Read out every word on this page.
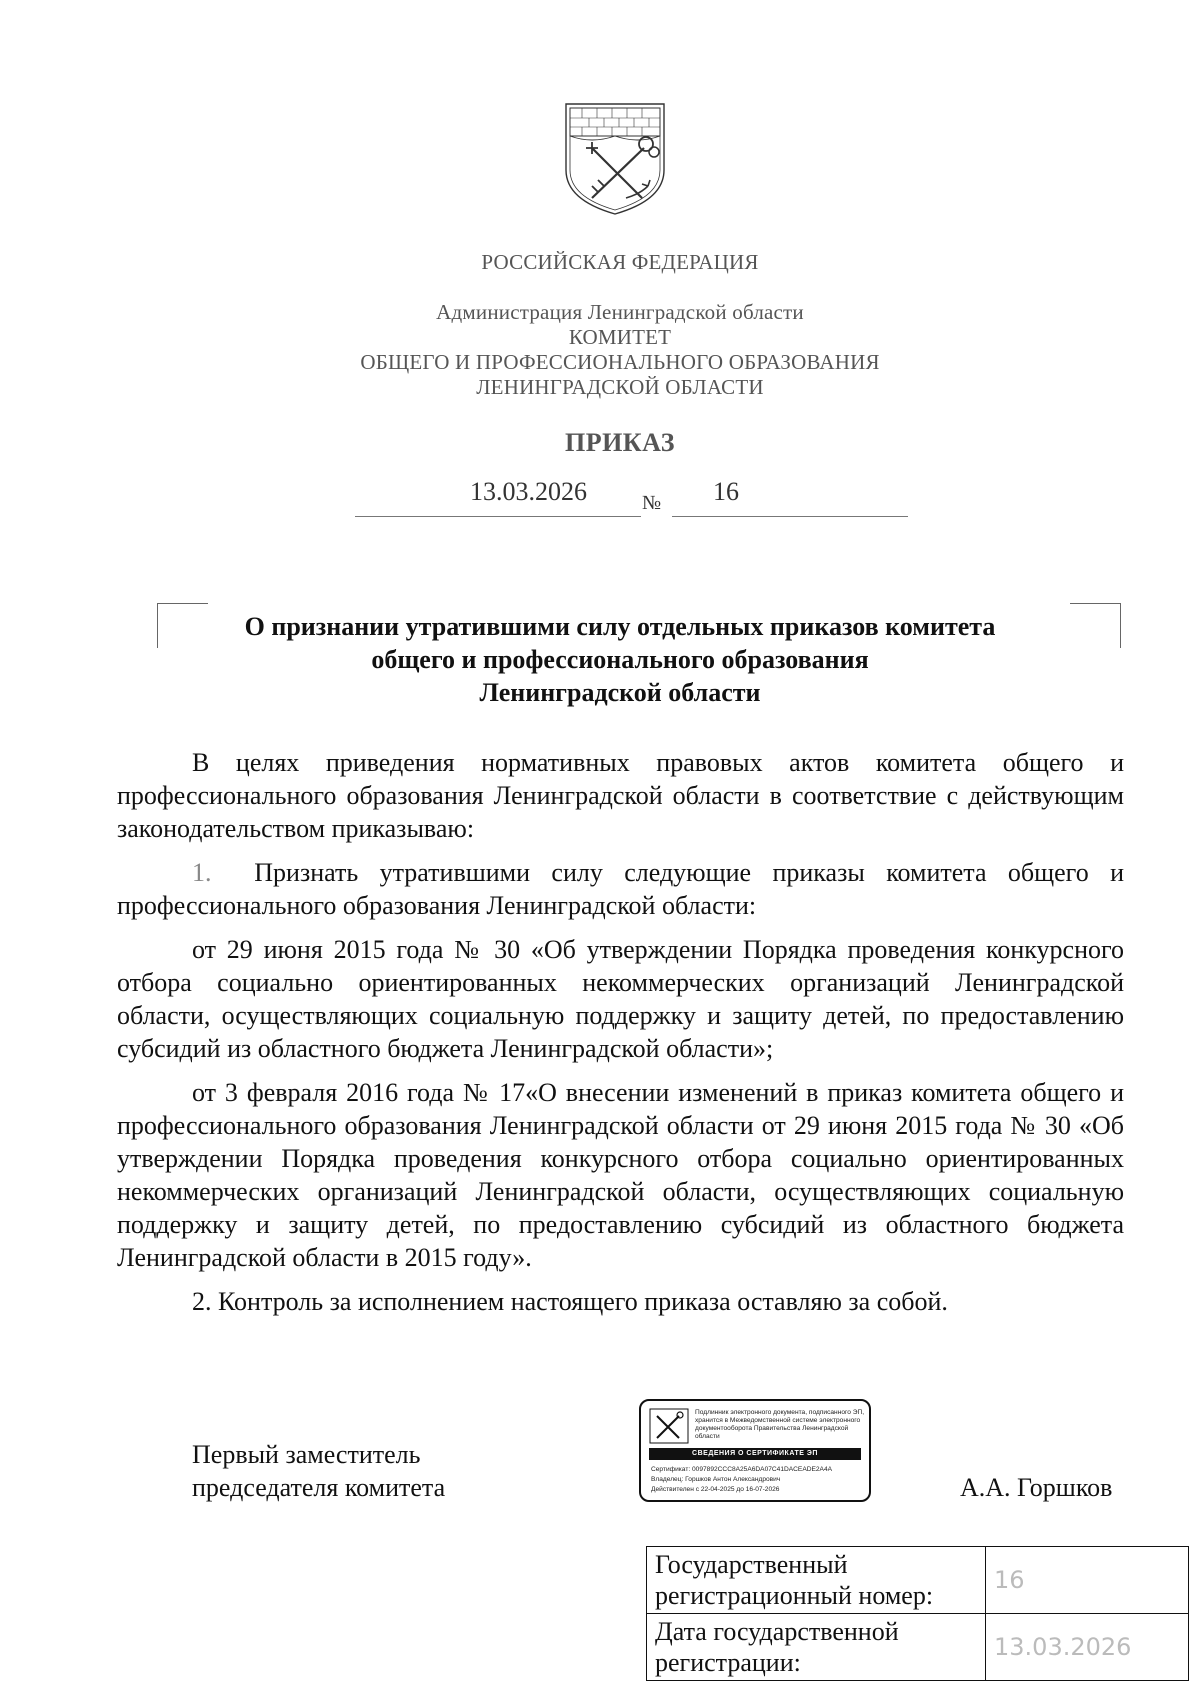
РОССИЙСКАЯ ФЕДЕРАЦИЯ
Администрация Ленинградской области
КОМИТЕТ
ОБЩЕГО И ПРОФЕССИОНАЛЬНОГО ОБРАЗОВАНИЯ
ЛЕНИНГРАДСКОЙ ОБЛАСТИ
ПРИКАЗ
13.03.2026	№ 16
О признании утратившими силу отдельных приказов комитета
общего и профессионального образования
Ленинградской области

В целях приведения нормативных правовых актов комитета общего и профессионального образования Ленинградской области в соответствие с действующим законодательством приказываю:

1. Признать утратившими силу следующие приказы комитета общего и профессионального образования Ленинградской области:

от 29 июня 2015 года № 30 «Об утверждении Порядка проведения конкурсного отбора социально ориентированных некоммерческих организаций Ленинградской области, осуществляющих социальную поддержку и защиту детей, по предоставлению субсидий из областного бюджета Ленинградской области»;

от 3 февраля 2016 года № 17«О внесении изменений в приказ комитета общего и профессионального образования Ленинградской области от 29 июня 2015 года № 30 «Об утверждении Порядка проведения конкурсного отбора социально ориентированных некоммерческих организаций Ленинградской области, осуществляющих социальную поддержку и защиту детей, по предоставлению субсидий из областного бюджета Ленинградской области в 2015 году».

2. Контроль за исполнением настоящего приказа оставляю за собой.

Первый заместитель
председателя комитета	А.А. Горшков
Подлинник электронного документа, подписанного ЭП,
хранится в Межведомственной системе электронного
документооборота Правительства Ленинградской области
СВЕДЕНИЯ О СЕРТИФИКАТЕ ЭП
Сертификат: 0097892CCC8A25A6DA07C41DACEADE2A4A
Владелец: Горшков Антон Александрович
Действителен с 22-04-2025 до 16-07-2026
Государственный регистрационный номер:	16
Дата государственной регистрации:	13.03.2026
